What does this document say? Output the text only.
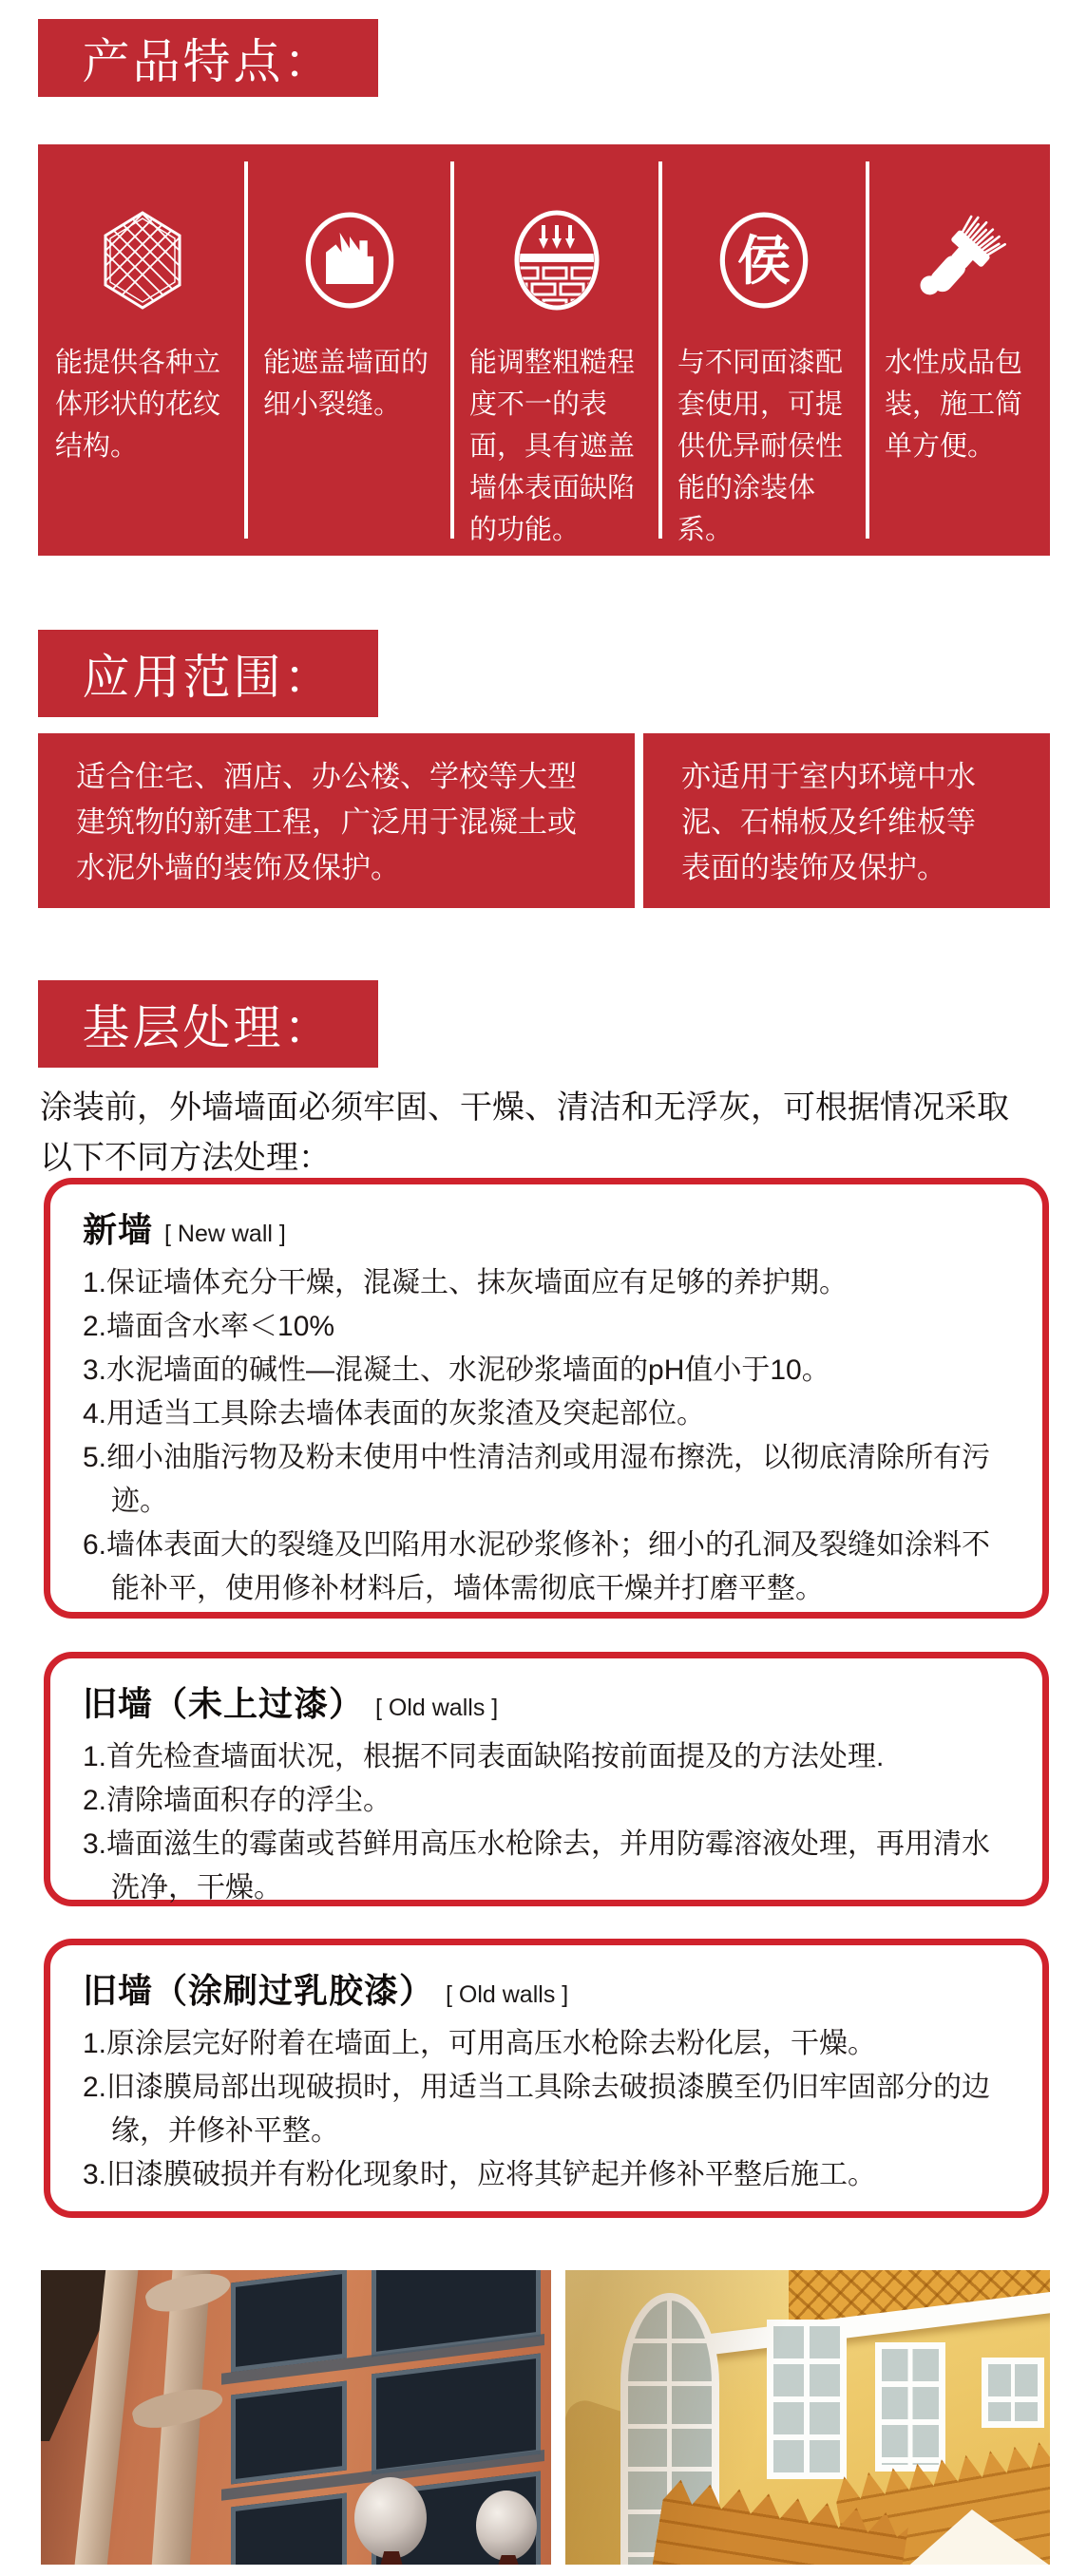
产品特点：
能提供各种立体形状的花纹结构。
能遮盖墙面的细小裂缝。
能调整粗糙程度不一的表面，具有遮盖墙体表面缺陷的功能。
侯
与不同面漆配套使用，可提供优异耐侯性能的涂装体系。
水性成品包装，施工简单方便。
应用范围：
适合住宅、酒店、办公楼、学校等大型建筑物的新建工程，广泛用于混凝土或水泥外墙的装饰及保护。
亦适用于室内环境中水泥、石棉板及纤维板等表面的装饰及保护。
基层处理：
涂装前，外墙墙面必须牢固、干燥、清洁和无浮灰，可根据情况采取以下不同方法处理：
新墙 [ New wall ]
1.保证墙体充分干燥，混凝土、抹灰墙面应有足够的养护期。
2.墙面含水率＜10%
3.水泥墙面的碱性—混凝土、水泥砂浆墙面的pH值小于10。
4.用适当工具除去墙体表面的灰浆渣及突起部位。
5.细小油脂污物及粉末使用中性清洁剂或用湿布擦洗，以彻底清除所有污迹。
6.墙体表面大的裂缝及凹陷用水泥砂浆修补；细小的孔洞及裂缝如涂料不能补平，使用修补材料后，墙体需彻底干燥并打磨平整。
旧墙（未上过漆） [ Old walls ]
1.首先检查墙面状况，根据不同表面缺陷按前面提及的方法处理.
2.清除墙面积存的浮尘。
3.墙面滋生的霉菌或苔鲜用高压水枪除去，并用防霉溶液处理，再用清水洗净，干燥。
旧墙（涂刷过乳胶漆） [ Old walls ]
1.原涂层完好附着在墙面上，可用高压水枪除去粉化层，干燥。
2.旧漆膜局部出现破损时，用适当工具除去破损漆膜至仍旧牢固部分的边缘，并修补平整。
3.旧漆膜破损并有粉化现象时，应将其铲起并修补平整后施工。
